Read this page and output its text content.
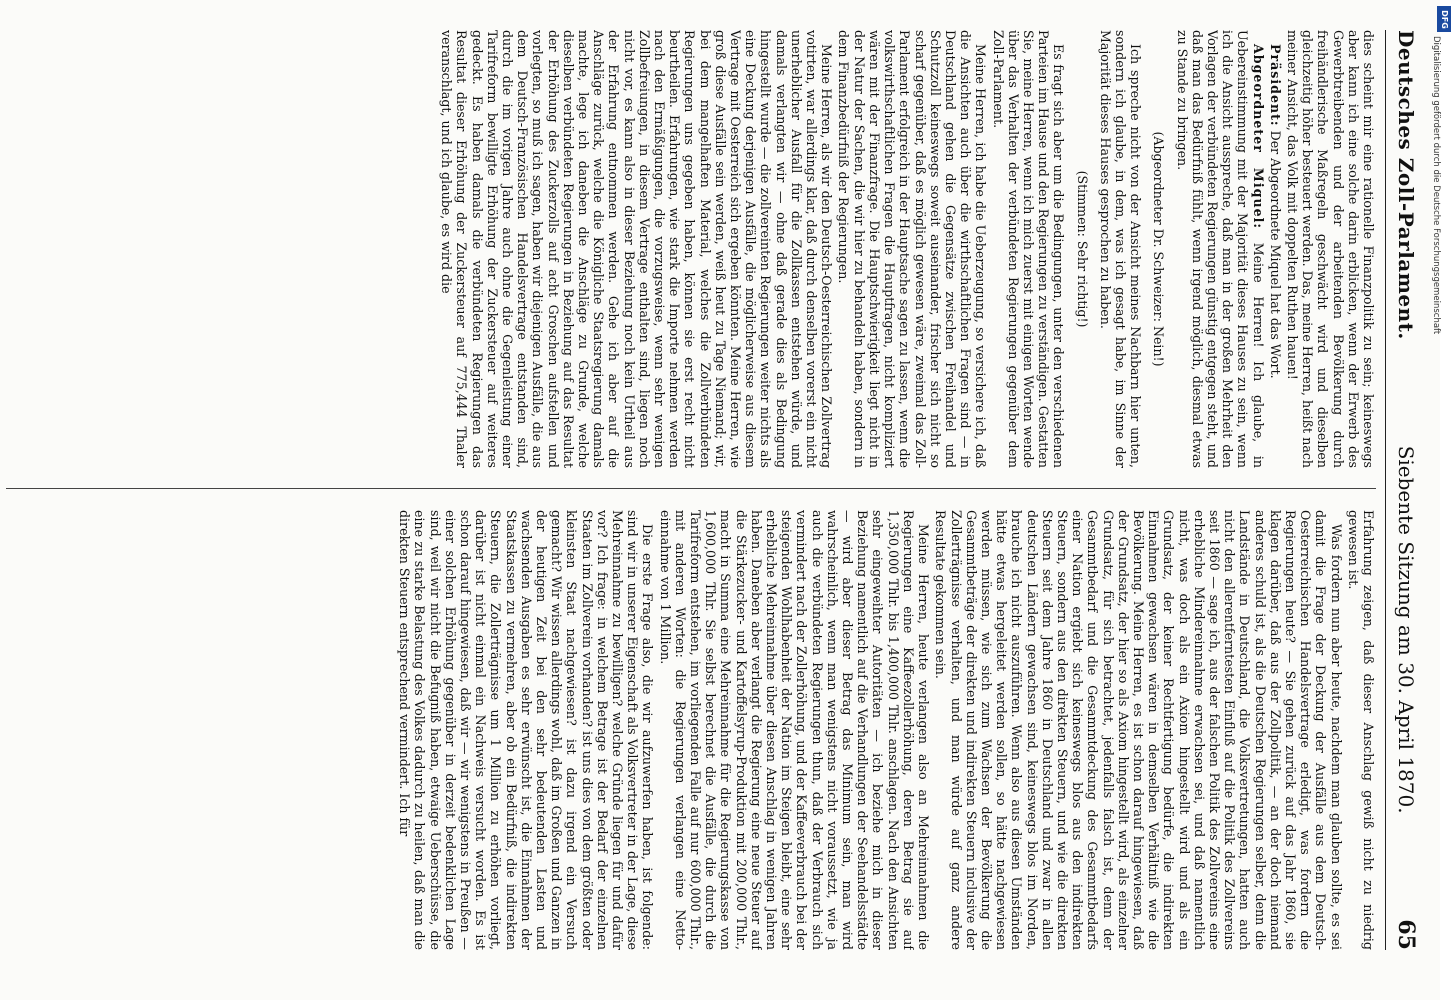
Deutsches Zoll-Parlament.
Siebente Sitzung am 30. April 1870.
65

dies scheint mir eine rationelle Finanzpolitik zu sein; keineswegs aber kann ich eine solche darin erblicken, wenn der Erwerb des Gewerbtreibenden und der arbeitenden Bevölkerung durch freihändlerische Maßregeln geschwächt wird und dieselben gleichzeitig höher besteuert werden. Das, meine Herren, heißt nach meiner Ansicht, das Volk mit doppelten Ruthen hauen!

Präsident: Der Abgeordnete Miquel hat das Wort.

Abgeordneter Miquel: Meine Herren! Ich glaube, in Uebereinstimmung mit der Majorität dieses Hauses zu sein, wenn ich die Ansicht ausspreche, daß man in der großen Mehrheit den Vorlagen der verbündeten Regierungen günstig entgegen steht, und daß man das Bedürfniß fühlt, wenn irgend möglich, diesmal etwas zu Stande zu bringen.

(Abgeordneter Dr. Schweizer: Nein!)

Ich spreche nicht von der Ansicht meines Nachbarn hier unten, sondern ich glaube, in dem, was ich gesagt habe, im Sinne der Majorität dieses Hauses gesprochen zu haben.

(Stimmen: Sehr richtig!)

Es fragt sich aber um die Bedingungen, unter den verschiedenen Parteien im Hause und den Regierungen zu verständigen. Gestatten Sie, meine Herren, wenn ich mich zuerst mit einigen Worten wende über das Verhalten der verbündeten Regierungen gegenüber dem Zoll-Parlament.

Meine Herren, ich habe die Ueberzeugung, so versichere ich, daß die Ansichten auch über die wirthschaftlichen Fragen sind — in Deutschland gehen die Gegensätze zwischen Freihandel und Schutzzoll keineswegs soweit auseinander, frischer sich nicht so scharf gegenüber, daß es möglich gewesen wäre, zweimal das Zoll-Parlament erfolgreich in der Hauptsache sagen zu lassen, wenn die volkswirthschaftlichen Fragen die Hauptfragen, nicht kompliziert wären mit der Finanzfrage. Die Hauptschwierigkeit liegt nicht in der Natur der Sachen, die wir hier zu behandeln haben, sondern in dem Finanzbedürfniß der Regierungen.

Meine Herren, als wir den Deutsch-Oesterreichischen Zollvertrag votirten, war allerdings klar, daß durch denselben vorerst ein nicht unerheblicher Ausfall für die Zollkassen entstehen würde, und damals verlangten wir — ohne daß gerade dies als Bedingung hingestellt wurde — die zollvereinten Regierungen weiter nichts als eine Deckung derjenigen Ausfälle, die möglicherweise aus diesem Vertrage mit Oesterreich sich ergeben könnten. Meine Herren, wie groß diese Ausfälle sein werden, weiß heut zu Tage Niemand; wir, bei dem mangelhaften Material, welches die Zollverbündeten Regierungen uns gegeben haben, können sie erst recht nicht beurtheilen. Erfahrungen, wie stark die Importe nehmen werden nach den Ermäßigungen, die vorzugsweise, wenn sehr wenigen Zollbefreiungen, in diesem Vertrage enthalten sind, liegen noch nicht vor, es kann also in dieser Beziehung noch kein Urtheil aus der Erfahrung entnommen werden. Gehe ich aber auf die Anschläge zurück, welche die Königliche Staatsregierung damals machte, lege ich daneben die Anschläge zu Grunde, welche dieselben verbündeten Regierungen in Beziehung auf das Resultat der Erhöhung des Zuckerzolls auf acht Groschen aufstellen und vorlegten, so muß ich sagen, haben wir diejenigen Ausfälle, die aus dem Deutsch-Französischen Handelsvertrage entstanden sind, durch die im vorigen Jahre auch ohne die Gegenleistung einer Tarifreform bewilligte Erhöhung der Zuckersteuer auf weiteres gedeckt. Es haben damals die verbündeten Regierungen das Resultat dieser Erhöhung der Zuckersteuer auf 775,444 Thaler veranschlagt, und ich glaube, es wird die

Erfahrung zeigen, daß dieser Anschlag gewiß nicht zu niedrig gewesen ist.

Was fordern nun aber heute, nachdem man glauben sollte, es sei damit die Frage der Deckung der Ausfälle aus dem Deutsch-Oesterreichischen Handelsvertrage erledigt, was fordern die Regierungen heute? — Sie gehen zurück auf das Jahr 1860, sie klagen darüber, daß aus der Zollpolitik, — an der doch niemand anderes schuld ist, als die Deutschen Regierungen selber, denn die Landstände in Deutschland, die Volksvertretungen, hatten auch nicht den allerentferntesten Einfluß auf die Politik des Zollvereins seit 1860 — sage ich, aus der falschen Politik des Zollvereins eine erhebliche Mindereinnahme erwachsen sei, und daß namentlich nicht, was doch als ein Axiom hingestellt wird und als ein Grundsatz, der keiner Rechtfertigung bedürfe, die indirekten Einnahmen gewachsen wären in demselben Verhältniß wie die Bevölkerung. Meine Herren, es ist schon darauf hingewiesen, daß der Grundsatz, der hier so als Axiom hingestellt wird, als einzelner Grundsatz, für sich betrachtet, jedenfalls falsch ist, denn der Gesammtbedarf und die Gesammtdeckung des Gesammtbedarfs einer Nation ergiebt sich keineswegs blos aus den indirekten Steuern, sondern aus den direkten Steuern, und wie die direkten Steuern seit dem Jahre 1860 in Deutschland und zwar in allen deutschen Ländern gewachsen sind, keineswegs blos im Norden, brauche ich nicht auszuführen. Wenn also aus diesen Umständen hätte etwas hergeleitet werden sollen, so hätte nachgewiesen werden müssen, wie sich zum Wachsen der Bevölkerung die Gesammtbeträge der direkten und indirekten Steuern inclusive der Zollerträgnisse verhalten, und man würde auf ganz andere Resultate gekommen sein.

Meine Herren, heute verlangen also an Mehreinnahmen die Regierungen eine Kaffeezollerhöhung, deren Betrag sie auf 1,350,000 Thlr. bis 1,400,000 Thlr. anschlagen. Nach den Ansichten sehr eingeweihter Autoritäten — ich beziehe mich in dieser Beziehung namentlich auf die Verhandlungen der Seehandelsstädte — wird aber dieser Betrag das Minimum sein, man wird wahrscheinlich, wenn man wenigstens nicht voraussetzt, wie ja auch die verbündeten Regierungen thun, daß der Verbrauch sich vermindert nach der Zollerhöhung, und der Kaffeeverbrauch bei der steigenden Wohlhabenheit der Nation im Steigen bleibt, eine sehr erhebliche Mehreinnahme über diesen Anschlag in wenigen Jahren haben. Daneben aber verlangt die Regierung eine neue Steuer auf die Stärkezucker- und Kartoffelsyrup-Produktion mit 200,000 Thlr., macht in Summa eine Mehreinnahme für die Regierungskasse von 1,600,000 Thlr. Sie selbst berechnet die Ausfälle, die durch die Tarifreform entstehen, im vorliegenden Falle auf nur 600,000 Thlr., mit anderen Worten: die Regierungen verlangen eine Netto-einnahme von 1 Million.

Die erste Frage also, die wir aufzuwerfen haben, ist folgende: sind wir in unserer Eigenschaft als Volksvertreter in der Lage, diese Mehreinnahme zu bewilligen? welche Gründe liegen für und dafür vor? Ich frage: in welchem Betrage ist der Bedarf der einzelnen Staaten im Zollverein vorhanden? ist uns dies von dem größten oder kleinsten Staat nachgewiesen? ist dazu irgend ein Versuch gemacht? Wir wissen allerdings wohl, daß im Großen und Ganzen in der heutigen Zeit bei den sehr bedeutenden Lasten und wachsenden Ausgaben es sehr erwünscht ist, die Einnahmen der Staatskassen zu vermehren, aber ob ein Bedürfniß, die indirekten Steuern, die Zollerträgnisse um 1 Million zu erhöhen vorliegt, darüber ist nicht einmal ein Nachweis versucht worden. Es ist schon darauf hingewiesen, daß wir — wir wenigstens in Preußen — einer solchen Erhöhung gegenüber in derzeit bedenklichen Lage sind, weil wir nicht die Befugniß haben, etwaige Ueberschüsse, die eine zu starke Belastung des Volkes dadurch zu heilen, daß man die direkten Steuern entsprechend vermindert. Ich für

DFG
Digitalisierung gefördert durch die Deutsche Forschungsgemeinschaft
